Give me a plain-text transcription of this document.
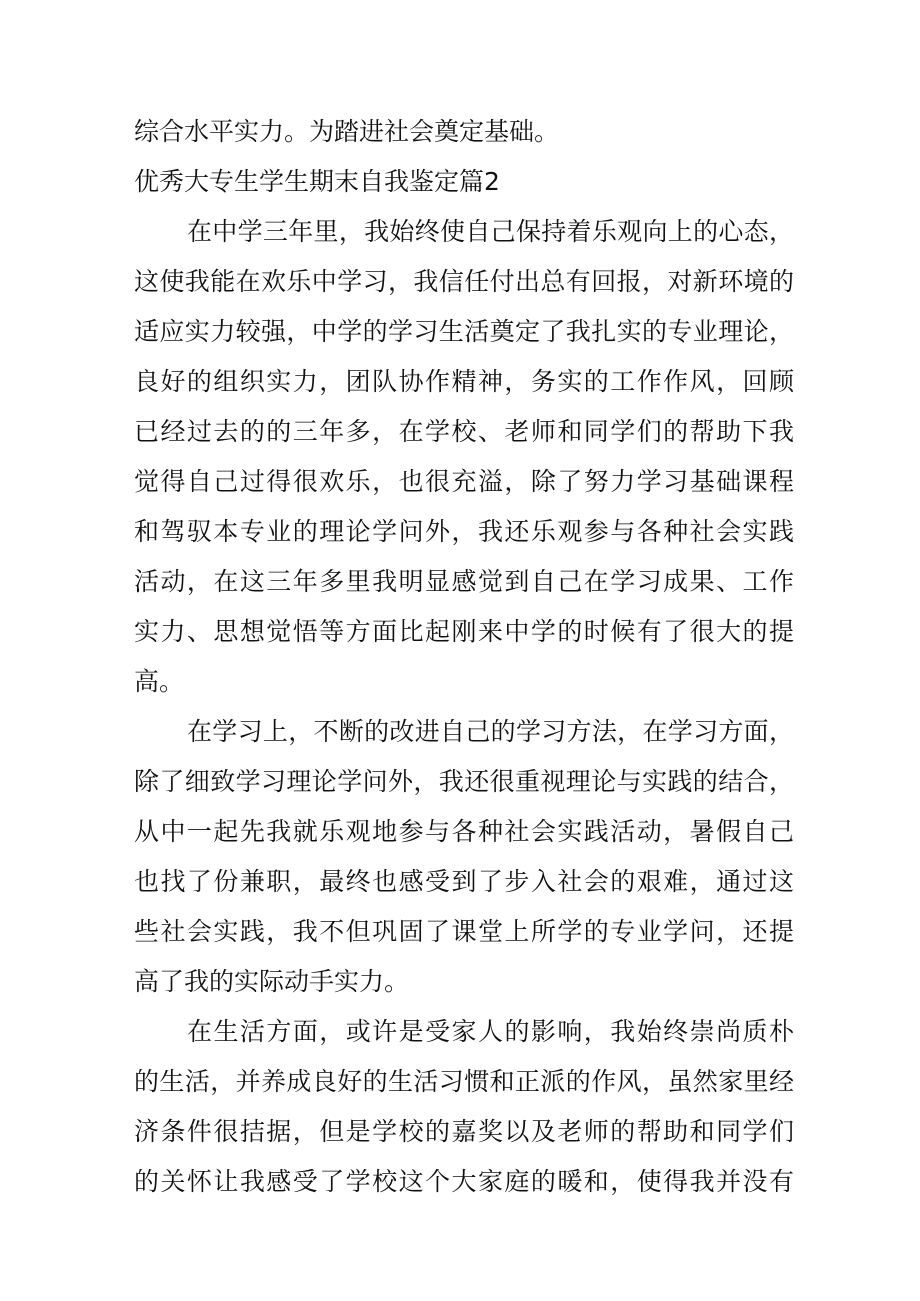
综合水平实力。为踏进社会奠定基础。
优秀大专生学生期末自我鉴定篇2
在中学三年里，我始终使自己保持着乐观向上的心态，
这使我能在欢乐中学习，我信任付出总有回报，对新环境的
适应实力较强，中学的学习生活奠定了我扎实的专业理论，
良好的组织实力，团队协作精神，务实的工作作风，回顾
已经过去的的三年多，在学校、老师和同学们的帮助下我
觉得自己过得很欢乐，也很充溢，除了努力学习基础课程
和驾驭本专业的理论学问外，我还乐观参与各种社会实践
活动，在这三年多里我明显感觉到自己在学习成果、工作
实力、思想觉悟等方面比起刚来中学的时候有了很大的提
高。
在学习上，不断的改进自己的学习方法，在学习方面，
除了细致学习理论学问外，我还很重视理论与实践的结合，
从中一起先我就乐观地参与各种社会实践活动，暑假自己
也找了份兼职，最终也感受到了步入社会的艰难，通过这
些社会实践，我不但巩固了课堂上所学的专业学问，还提
高了我的实际动手实力。
在生活方面，或许是受家人的影响，我始终崇尚质朴
的生活，并养成良好的生活习惯和正派的作风，虽然家里经
济条件很拮据，但是学校的嘉奖以及老师的帮助和同学们
的关怀让我感受了学校这个大家庭的暖和，使得我并没有
